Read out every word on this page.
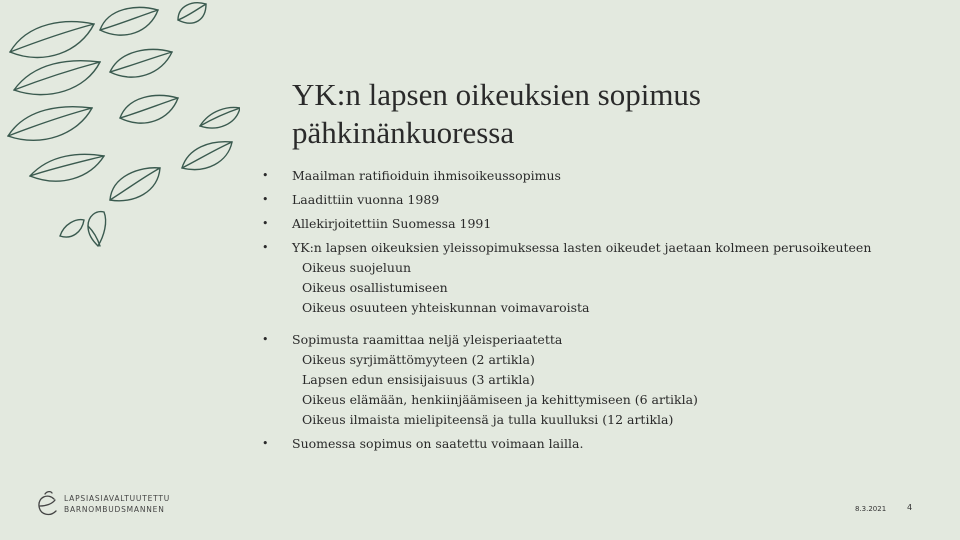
YK:n lapsen oikeuksien sopimus
pähkinänkuoressa
• Maailman ratifioiduin ihmisoikeussopimus
• Laadittiin vuonna 1989
• Allekirjoitettiin Suomessa 1991
• YK:n lapsen oikeuksien yleissopimuksessa lasten oikeudet jaetaan kolmeen perusoikeuteen
Oikeus suojeluun
Oikeus osallistumiseen
Oikeus osuuteen yhteiskunnan voimavaroista
• Sopimusta raamittaa neljä yleisperiaatetta
Oikeus syrjimättömyyteen (2 artikla)
Lapsen edun ensisijaisuus (3 artikla)
Oikeus elämään, henkiinjäämiseen ja kehittymiseen (6 artikla)
Oikeus ilmaista mielipiteensä ja tulla kuulluksi (12 artikla)
• Suomessa sopimus on saatettu voimaan lailla.
LAPSIASIAVALTUUTETTU
BARNOMBUDSMANNEN	8.3.2021	4
